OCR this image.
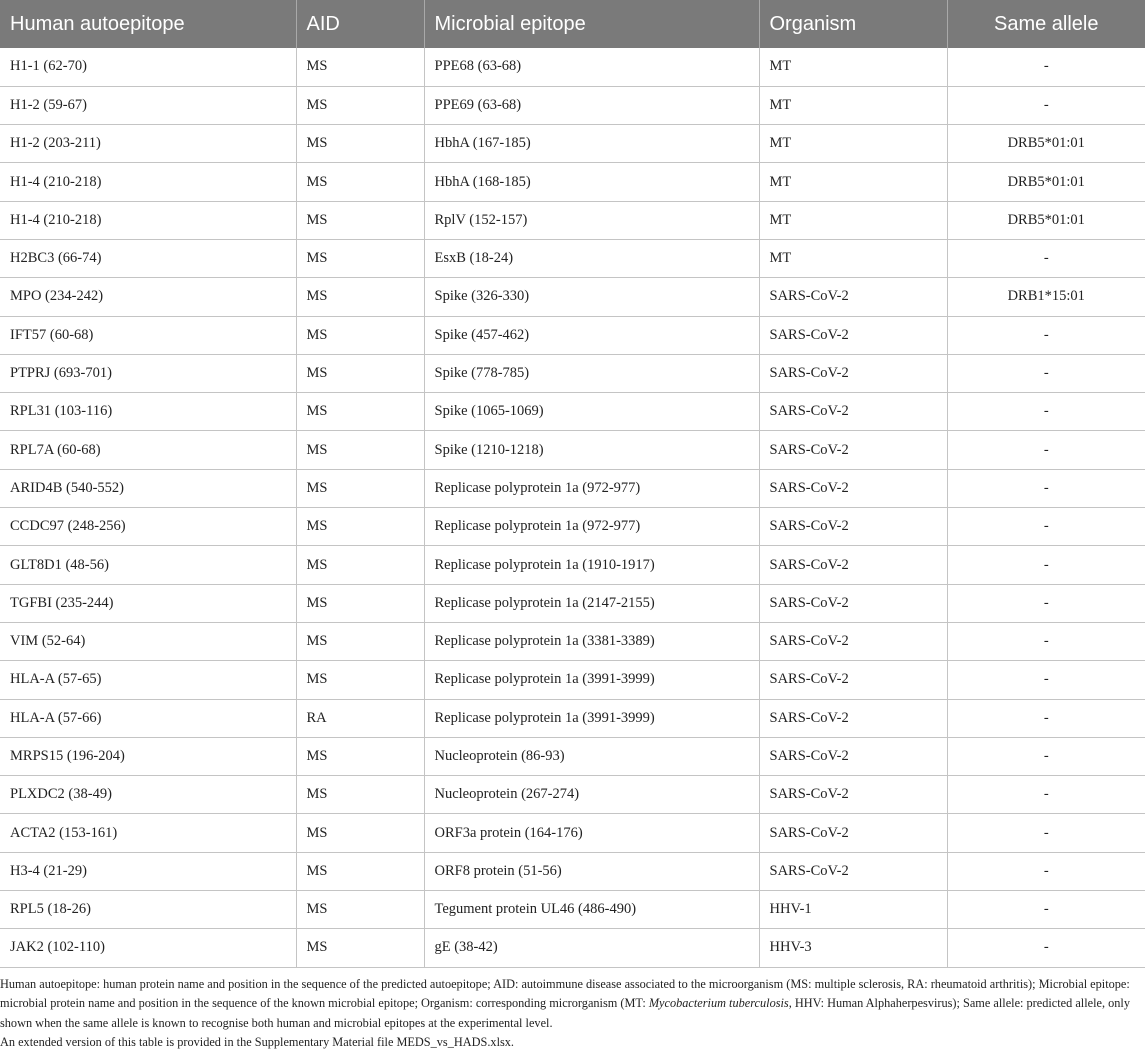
Human autoepitope	AID	Microbial epitope	Organism	Same allele
H1-1 (62-70)	MS	PPE68 (63-68)	MT	-
H1-2 (59-67)	MS	PPE69 (63-68)	MT	-
H1-2 (203-211)	MS	HbhA (167-185)	MT	DRB5*01:01
H1-4 (210-218)	MS	HbhA (168-185)	MT	DRB5*01:01
H1-4 (210-218)	MS	RplV (152-157)	MT	DRB5*01:01
H2BC3 (66-74)	MS	EsxB (18-24)	MT	-
MPO (234-242)	MS	Spike (326-330)	SARS-CoV-2	DRB1*15:01
IFT57 (60-68)	MS	Spike (457-462)	SARS-CoV-2	-
PTPRJ (693-701)	MS	Spike (778-785)	SARS-CoV-2	-
RPL31 (103-116)	MS	Spike (1065-1069)	SARS-CoV-2	-
RPL7A (60-68)	MS	Spike (1210-1218)	SARS-CoV-2	-
ARID4B (540-552)	MS	Replicase polyprotein 1a (972-977)	SARS-CoV-2	-
CCDC97 (248-256)	MS	Replicase polyprotein 1a (972-977)	SARS-CoV-2	-
GLT8D1 (48-56)	MS	Replicase polyprotein 1a (1910-1917)	SARS-CoV-2	-
TGFBI (235-244)	MS	Replicase polyprotein 1a (2147-2155)	SARS-CoV-2	-
VIM (52-64)	MS	Replicase polyprotein 1a (3381-3389)	SARS-CoV-2	-
HLA-A (57-65)	MS	Replicase polyprotein 1a (3991-3999)	SARS-CoV-2	-
HLA-A (57-66)	RA	Replicase polyprotein 1a (3991-3999)	SARS-CoV-2	-
MRPS15 (196-204)	MS	Nucleoprotein (86-93)	SARS-CoV-2	-
PLXDC2 (38-49)	MS	Nucleoprotein (267-274)	SARS-CoV-2	-
ACTA2 (153-161)	MS	ORF3a protein (164-176)	SARS-CoV-2	-
H3-4 (21-29)	MS	ORF8 protein (51-56)	SARS-CoV-2	-
RPL5 (18-26)	MS	Tegument protein UL46 (486-490)	HHV-1	-
JAK2 (102-110)	MS	gE (38-42)	HHV-3	-

Human autoepitope: human protein name and position in the sequence of the predicted autoepitope; AID: autoimmune disease associated to the microorganism (MS: multiple sclerosis, RA: rheumatoid arthritis); Microbial epitope: microbial protein name and position in the sequence of the known microbial epitope; Organism: corresponding microrganism (MT: Mycobacterium tuberculosis, HHV: Human Alphaherpesvirus); Same allele: predicted allele, only shown when the same allele is known to recognise both human and microbial epitopes at the experimental level.

An extended version of this table is provided in the Supplementary Material file MEDS_vs_HADS.xlsx.
